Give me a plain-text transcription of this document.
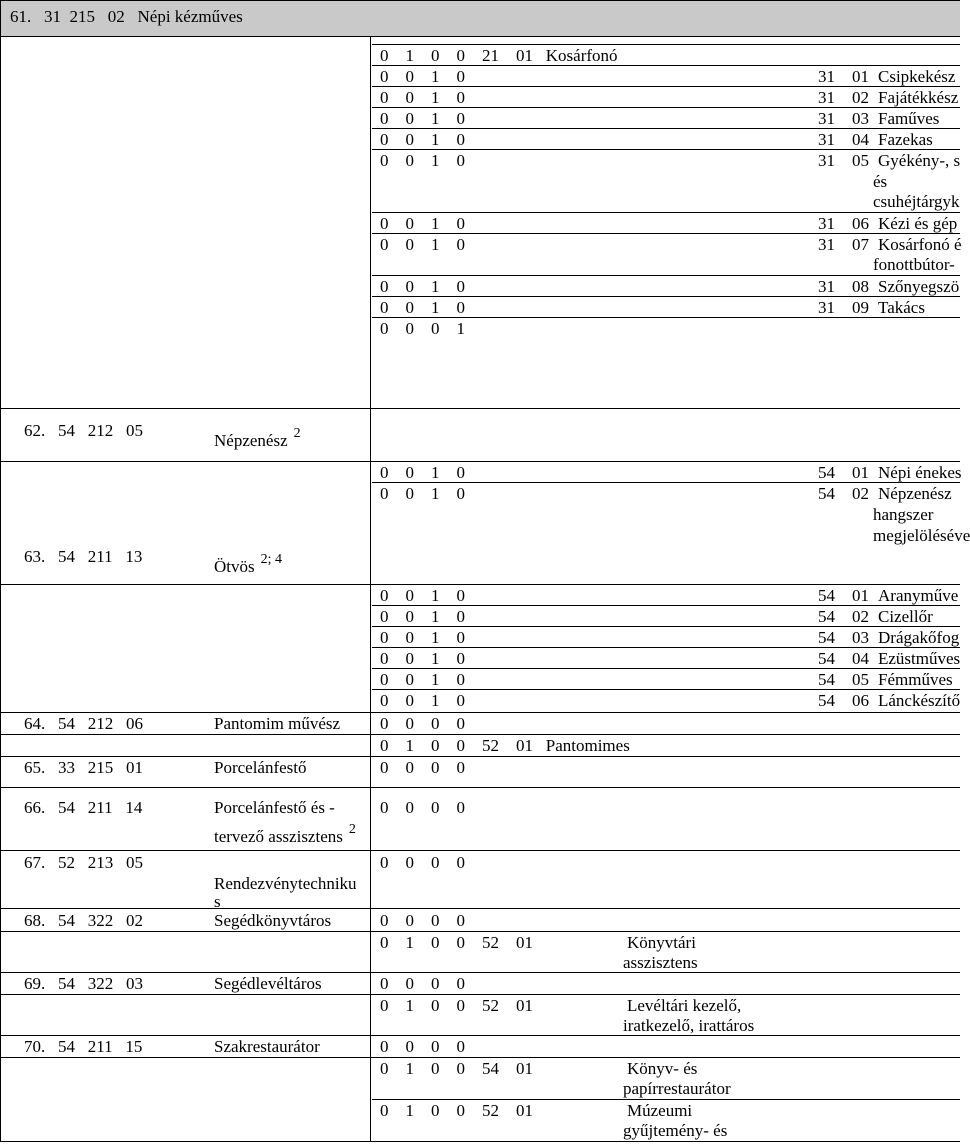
61.   31  215   02   Népi kézműves
0    1    0    0    21    01   Kosárfonó
0    0    1    0	31    01 Csipkekész
0    0    1    0	31    02 Fajátékkész
0    0    1    0	31    03 Faműves
0    0    1    0	31    04 Fazekas
0    0    1    0	31    05 Gyékény-, s
és
csuhéjtárgyk
0    0    1    0	31    06 Kézi és gép
0    0    1    0	31    07 Kosárfonó é
fonottbútor-
0    0    1    0	31    08 Szőnyegszö
0    0    1    0	31    09 Takács
0    0    0    1
62.   54   212   05
Népzenész $^2$
0    0    1    0	54    01 Népi énekes
0    0    1    0	54    02 Népzenész
hangszer
megjelöléséve
63.   54   211   13
Ötvös $^{2; 4}$
0    0    1    0	54    01 Aranyműve
0    0    1    0	54    02 Cizellőr
0    0    1    0	54    03 Drágakőfog
0    0    1    0	54    04 Ezüstműves
0    0    1    0	54    05 Fémműves
0    0    1    0	54    06 Lánckészítő
64.   54   212   06	Pantomim művész 0    0    0    0
0    1    0    0    52    01   Pantomimes
65.   33   215   01	Porcelánfestő	0    0    0    0
66.   54   211   14	Porcelánfestő és -
tervező asszisztens $^2$
0    0    0    0
67.   52   213   05
Rendezvénytechniku
s
0    0    0    0
68.   54   322   02	Segédkönyvtáros	0    0    0    0
0    1    0    0    52    01	Könyvtári
asszisztens
69.   54   322   03	Segédlevéltáros	0    0    0    0
0    1    0    0    52    01	Levéltári kezelő,
iratkezelő, irattáros
70.   54   211   15	Szakrestaurátor	0    0    0    0
0    1    0    0    54    01	Könyv- és
papírrestaurátor
0    1    0    0    52    01	Múzeumi
gyűjtemény- és
